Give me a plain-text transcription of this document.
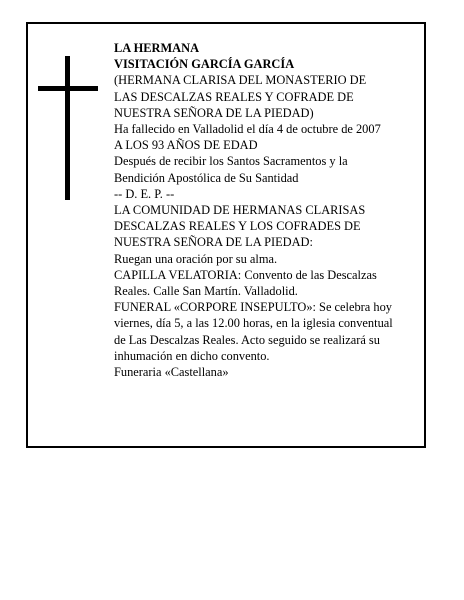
LA HERMANA
VISITACIÓN GARCÍA GARCÍA
(HERMANA CLARISA DEL MONASTERIO DE
LAS DESCALZAS REALES Y COFRADE DE
NUESTRA SEÑORA DE LA PIEDAD)
Ha fallecido en Valladolid el día 4 de octubre de 2007
A LOS 93 AÑOS DE EDAD
Después de recibir los Santos Sacramentos y la
Bendición Apostólica de Su Santidad
-- D. E. P. --
LA COMUNIDAD DE HERMANAS CLARISAS
DESCALZAS REALES Y LOS COFRADES DE
NUESTRA SEÑORA DE LA PIEDAD:
Ruegan una oración por su alma.
CAPILLA VELATORIA: Convento de las Descalzas
Reales. Calle San Martín. Valladolid.
FUNERAL «CORPORE INSEPULTO»: Se celebra hoy
viernes, día 5, a las 12.00 horas, en la iglesia conventual
de Las Descalzas Reales. Acto seguido se realizará su
inhumación en dicho convento.
Funeraria «Castellana»
